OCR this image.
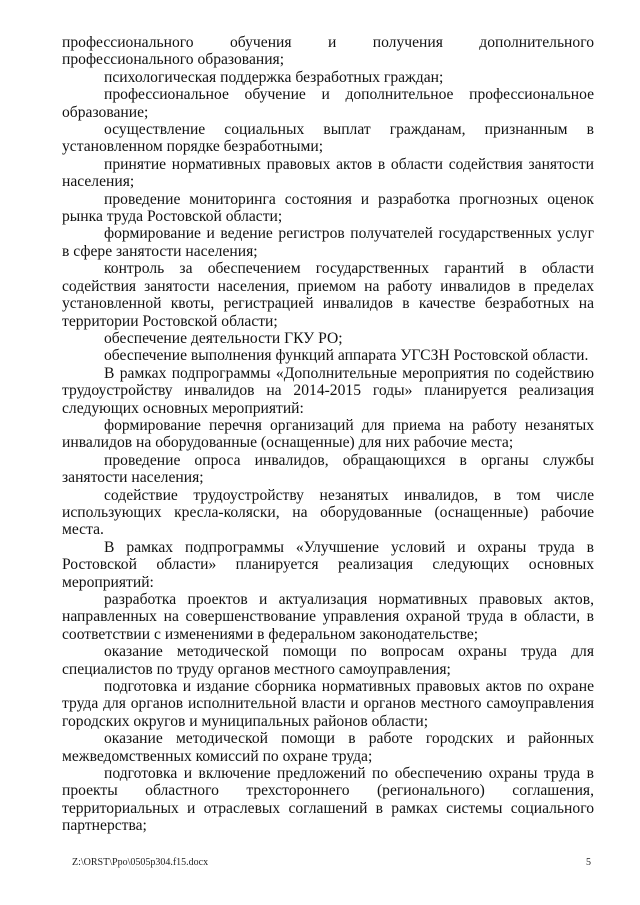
профессионального обучения и получения дополнительного профессионального образования;

психологическая поддержка безработных граждан;

профессиональное обучение и дополнительное профессиональное образование;

осуществление социальных выплат гражданам, признанным в установленном порядке безработными;

принятие нормативных правовых актов в области содействия занятости населения;

проведение мониторинга состояния и разработка прогнозных оценок рынка труда Ростовской области;

формирование и ведение регистров получателей государственных услуг в сфере занятости населения;

контроль за обеспечением государственных гарантий в области содействия занятости населения, приемом на работу инвалидов в пределах установленной квоты, регистрацией инвалидов в качестве безработных на территории Ростовской области;

обеспечение деятельности ГКУ РО;

обеспечение выполнения функций аппарата УГСЗН Ростовской области.

В рамках подпрограммы «Дополнительные мероприятия по содействию трудоустройству инвалидов на 2014-2015 годы» планируется реализация следующих основных мероприятий:

формирование перечня организаций для приема на работу незанятых инвалидов на оборудованные (оснащенные) для них рабочие места;

проведение опроса инвалидов, обращающихся в органы службы занятости населения;

содействие трудоустройству незанятых инвалидов, в том числе использующих кресла-коляски, на оборудованные (оснащенные) рабочие места.

В рамках подпрограммы «Улучшение условий и охраны труда в Ростовской области» планируется реализация следующих основных мероприятий:

разработка проектов и актуализация нормативных правовых актов, направленных на совершенствование управления охраной труда в области, в соответствии с изменениями в федеральном законодательстве;

оказание методической помощи по вопросам охраны труда для специалистов по труду органов местного самоуправления;

подготовка и издание сборника нормативных правовых актов по охране труда для органов исполнительной власти и органов местного самоуправления городских округов и муниципальных районов области;

оказание методической помощи в работе городских и районных межведомственных комиссий по охране труда;

подготовка и включение предложений по обеспечению охраны труда в проекты областного трехстороннего (регионального) соглашения, территориальных и отраслевых соглашений в рамках системы социального партнерства;

Z:\ORST\Ppo\0505p304.f15.docx	5
